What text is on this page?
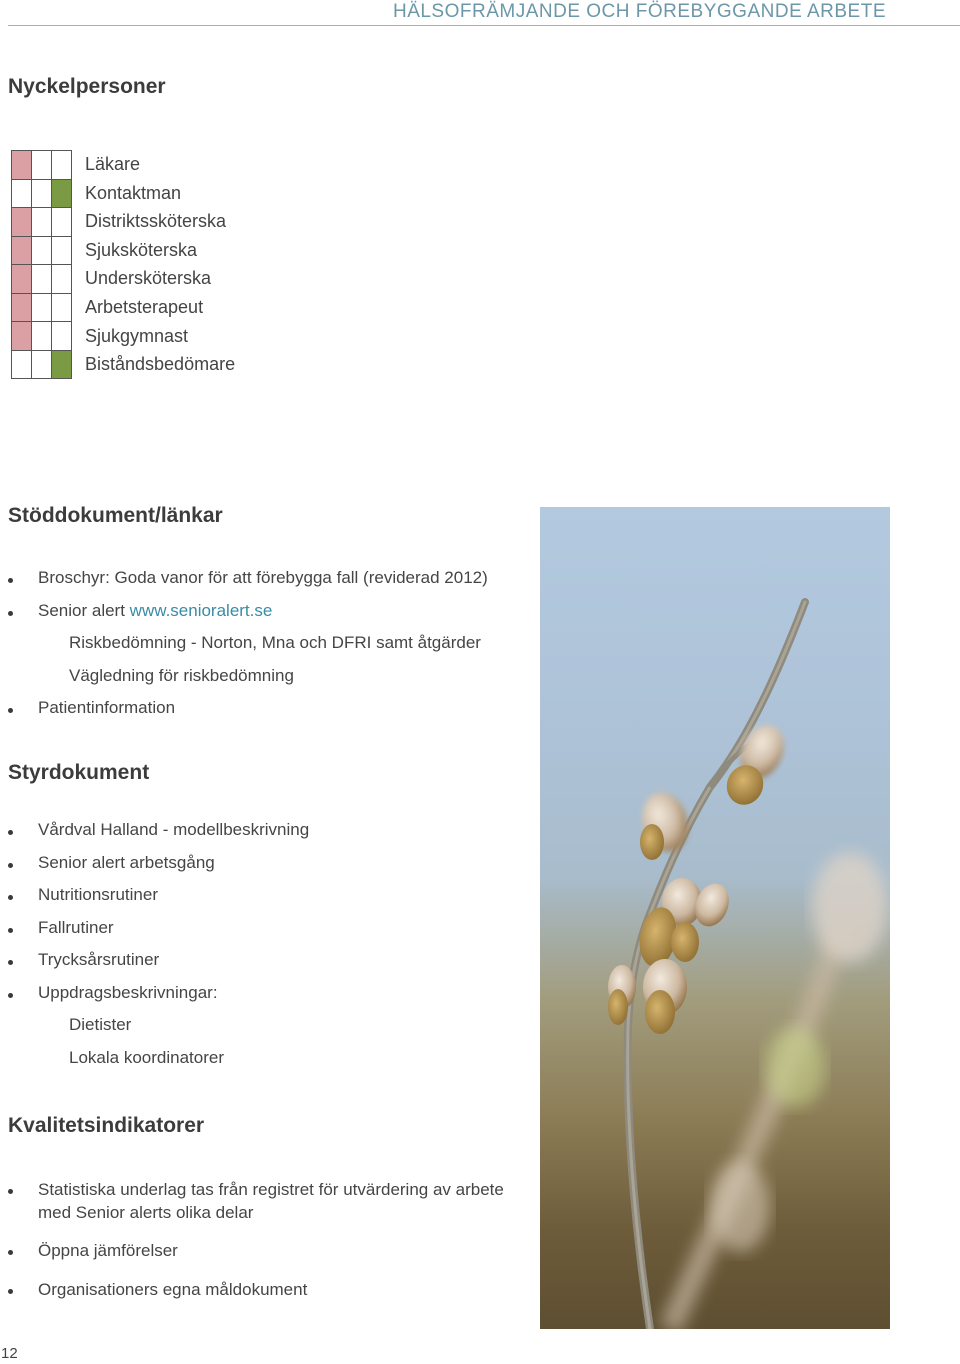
HÄLSOFRÄMJANDE OCH FÖREBYGGANDE ARBETE
Nyckelpersoner

Läkare
Kontaktman
Distriktssköterska
Sjuksköterska
Undersköterska
Arbetsterapeut
Sjukgymnast
Biståndsbedömare
Stöddokument/länkar
Broschyr: Goda vanor för att förebygga fall (reviderad 2012)
Senior alert www.senioralert.se
Riskbedömning - Norton, Mna och DFRI samt åtgärder
Vägledning för riskbedömning
Patientinformation
Styrdokument
Vårdval Halland - modellbeskrivning
Senior alert arbetsgång
Nutritionsrutiner
Fallrutiner
Trycksårsrutiner
Uppdragsbeskrivningar:
Dietister
Lokala koordinatorer
Kvalitetsindikatorer
Statistiska underlag tas från registret för utvärdering av arbete med Senior alerts olika delar
Öppna jämförelser
Organisationers egna måldokument
12
